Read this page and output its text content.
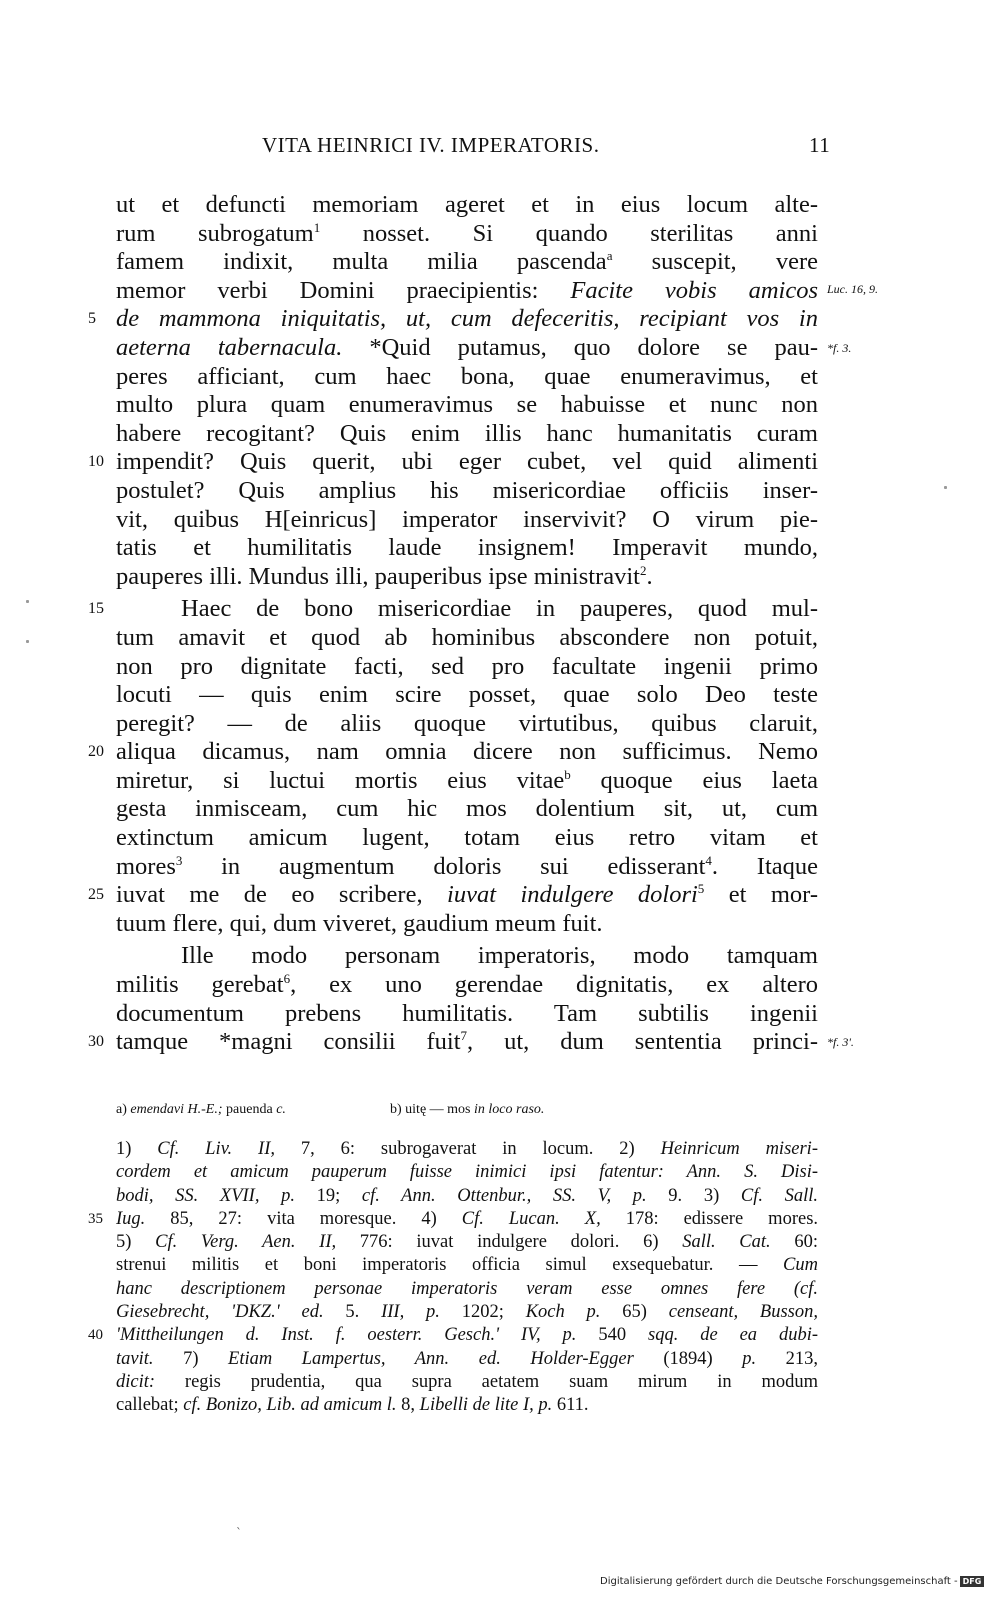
VITA HEINRICI IV. IMPERATORIS.	11
ut et defuncti memoriam ageret et in eius locum alte-
rum subrogatum$^1$ nosset. Si quando sterilitas anni
famem indixit, multa milia pascenda$^a$ suscepit, vere
memor verbi Domini praecipientis: Facite vobis amicos Luc. 16, 9.
5 de mammona iniquitatis, ut, cum defeceritis, recipiant vos in
aeterna tabernacula. *Quid putamus, quo dolore se pau- *f. 3.
peres afficiant, cum haec bona, quae enumeravimus, et
multo plura quam enumeravimus se habuisse et nunc non
habere recogitant? Quis enim illis hanc humanitatis curam
10 impendit? Quis querit, ubi eger cubet, vel quid alimenti
postulet? Quis amplius his misericordiae officiis inser-
vit, quibus H[einricus] imperator inservivit? O virum pie-
tatis et humilitatis laude insignem! Imperavit mundo,
pauperes illi. Mundus illi, pauperibus ipse ministravit$^2$.
15	Haec de bono misericordiae in pauperes, quod mul-
tum amavit et quod ab hominibus abscondere non potuit,
non pro dignitate facti, sed pro facultate ingenii primo
locuti — quis enim scire posset, quae solo Deo teste
peregit? — de aliis quoque virtutibus, quibus claruit,
20 aliqua dicamus, nam omnia dicere non sufficimus. Nemo
miretur, si luctui mortis eius vitae$^b$ quoque eius laeta
gesta inmisceam, cum hic mos dolentium sit, ut, cum
extinctum amicum lugent, totam eius retro vitam et
mores$^3$ in augmentum doloris sui edisserant$^4$. Itaque
25 iuvat me de eo scribere, iuvat indulgere dolori$^5$ et mor-
tuum flere, qui, dum viveret, gaudium meum fuit.
Ille modo personam imperatoris, modo tamquam
militis gerebat$^6$, ex uno gerendae dignitatis, ex altero
documentum prebens humilitatis. Tam subtilis ingenii
30 tamque *magni consilii fuit$^7$, ut, dum sententia princi- *f. 3'.
a) emendavi H.-E.; pauenda c.	b) uitę — mos in loco raso.
1) Cf. Liv. II, 7, 6: subrogaverat in locum. 2) Heinricum miseri-
cordem et amicum pauperum fuisse inimici ipsi fatentur: Ann. S. Disi-
bodi, SS. XVII, p. 19; cf. Ann. Ottenbur., SS. V, p. 9. 3) Cf. Sall.
35 Iug. 85, 27: vita moresque. 4) Cf. Lucan. X, 178: edissere mores.
5) Cf. Verg. Aen. II, 776: iuvat indulgere dolori. 6) Sall. Cat. 60:
strenui militis et boni imperatoris officia simul exsequebatur. — Cum
hanc descriptionem personae imperatoris veram esse omnes fere (cf.
Giesebrecht, 'DKZ.' ed. 5. III, p. 1202; Koch p. 65) censeant, Busson,
40 'Mittheilungen d. Inst. f. oesterr. Gesch.' IV, p. 540 sqq. de ea dubi-
tavit. 7) Etiam Lampertus, Ann. ed. Holder-Egger (1894) p. 213,
dicit: regis prudentia, qua supra aetatem suam mirum in modum
callebat; cf. Bonizo, Lib. ad amicum l. 8, Libelli de lite I, p. 611.
ˋ
Digitalisierung gefördert durch die Deutsche Forschungsgemeinschaft - DFG
